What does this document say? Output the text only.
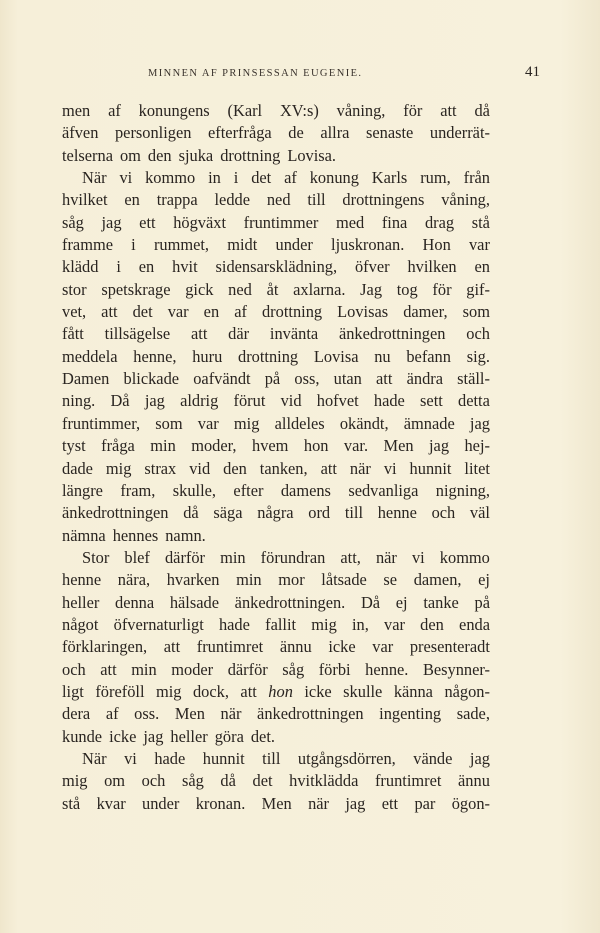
MINNEN AF PRINSESSAN EUGENIE.	41
men af konungens (Karl XV:s) våning, för att då
äfven personligen efterfråga de allra senaste underrät-
telserna om den sjuka drottning Lovisa.
När vi kommo in i det af konung Karls rum, från
hvilket en trappa ledde ned till drottningens våning,
såg jag ett högväxt fruntimmer med fina drag stå
framme i rummet, midt under ljuskronan. Hon var
klädd i en hvit sidensarsklädning, öfver hvilken en
stor spetskrage gick ned åt axlarna. Jag tog för gif-
vet, att det var en af drottning Lovisas damer, som
fått tillsägelse att där invänta änkedrottningen och
meddela henne, huru drottning Lovisa nu befann sig.
Damen blickade oafvändt på oss, utan att ändra ställ-
ning. Då jag aldrig förut vid hofvet hade sett detta
fruntimmer, som var mig alldeles okändt, ämnade jag
tyst fråga min moder, hvem hon var. Men jag hej-
dade mig strax vid den tanken, att när vi hunnit litet
längre fram, skulle, efter damens sedvanliga nigning,
änkedrottningen då säga några ord till henne och väl
nämna hennes namn.
Stor blef därför min förundran att, när vi kommo
henne nära, hvarken min mor låtsade se damen, ej
heller denna hälsade änkedrottningen. Då ej tanke på
något öfvernaturligt hade fallit mig in, var den enda
förklaringen, att fruntimret ännu icke var presenteradt
och att min moder därför såg förbi henne. Besynner-
ligt föreföll mig dock, att hon icke skulle känna någon-
dera af oss. Men när änkedrottningen ingenting sade,
kunde icke jag heller göra det.
När vi hade hunnit till utgångsdörren, vände jag
mig om och såg då det hvitklädda fruntimret ännu
stå kvar under kronan. Men när jag ett par ögon-
